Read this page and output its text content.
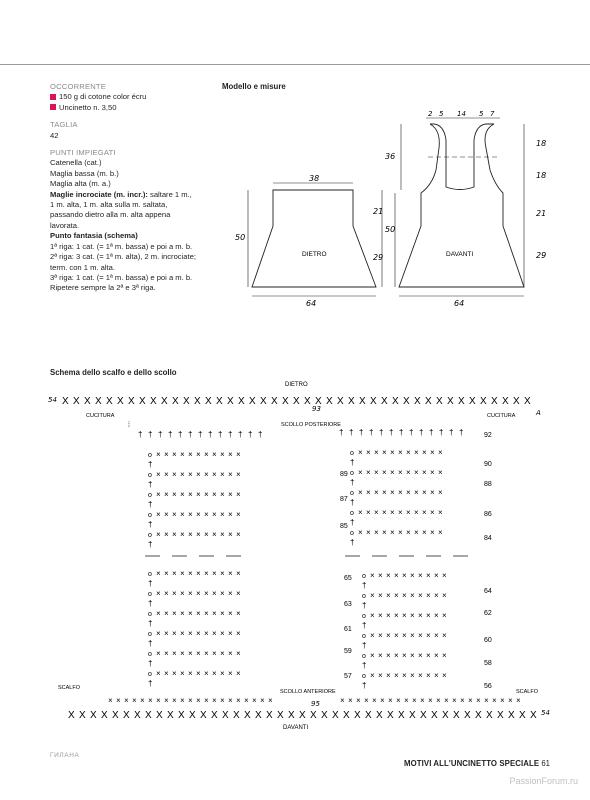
OCCORRENTE
150 g di cotone color écru
Uncinetto n. 3,50
TAGLIA
42
PUNTI IMPIEGATI
Catenella (cat.)
Maglia bassa (m. b.)
Maglia alta (m. a.)
Maglie incrociate (m. incr.): saltare 1 m.,
1 m. alta, 1 m. alta sulla m. saltata,
passando dietro alla m. alta appena
lavorata.
Punto fantasia (schema)
1ª riga: 1 cat. (= 1ª m. bassa) e poi a m. b.
2ª riga: 3 cat. (= 1ª m. alta), 2 m. incrociate;
term. con 1 m. alta.
3ª riga: 1 cat. (= 1ª m. bassa) e poi a m. b.
Ripetere sempre la 2ª e 3ª riga.
Modello e misure
38
DIETRO
64
50
21
29
2 5 14 5 7
36
50
18
18
21
29
DAVANTI
64
Schema dello scalfo e dello scollo
DIETRO
54
CUCITURA	CUCITURA
SCOLLO POSTERIORE
93	A
SCOLLO ANTERIORE
SCALFO
SCALFO
95
54
DAVANTI
X X X X X X X X X X X X X X X X X X X X X X X X X X X X X X X X X X X X X X X X X X X
⁞
† † † † † † † † † † † † †
o × × × × × × × × × × ×
†
o × × × × × × × × × × ×
†
o × × × × × × × × × × ×
†
o × × × × × × × × × × ×
†
o × × × × × × × × × × ×
†
† † † † † † † † † † † † †
o × × × × × × × × × × ×
†
o × × × × × × × × × × ×
†
o × × × × × × × × × × ×
†
o × × × × × × × × × × ×
†
o × × × × × × × × × × ×
†
o × × × × × × × × × × ×
†
o × × × × × × × × × × ×
†
o × × × × × × × × × × ×
†
o × × × × × × × × × × ×
†
o × × × × × × × × × × ×
†
o × × × × × × × × × × ×
†
o × × × × × × × × × ×
†
o × × × × × × × × × ×
†
o × × × × × × × × × ×
†
o × × × × × × × × × ×
†
o × × × × × × × × × ×
†
o × × × × × × × × × ×
†
X X X X X X X X X X X X X X X X X X X X X X X X X X X X X X X X X X X X X X X X X X X
× × × × × × × × × × × × × × × × × × × × ×	× × × × × × × × × × × × × × × × × × × × × × ×
92
90
88
86
84
89
87
85
64
62
60
58
56
65
63
61
59
57
ГИЛАНА
MOTIVI ALL'UNCINETTO SPECIALE 61
PassionForum.ru
